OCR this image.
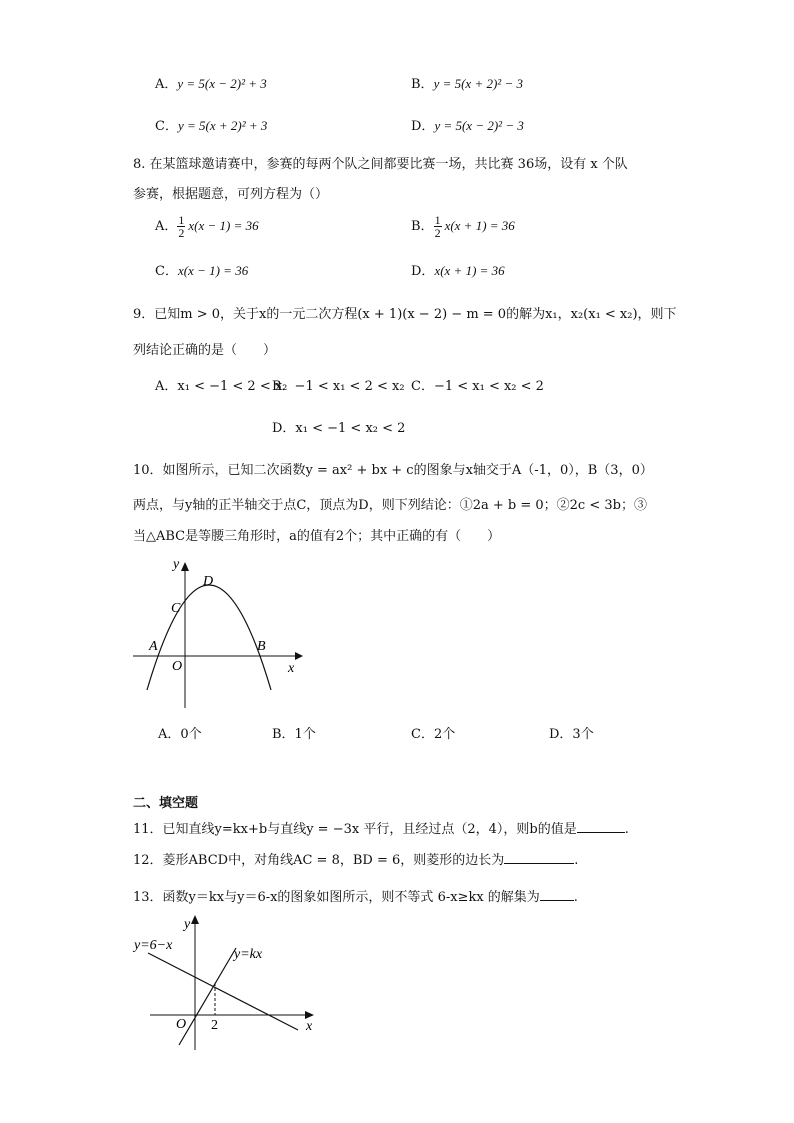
A．y = 5(x − 2)² + 3	B．y = 5(x + 2)² − 3
C．y = 5(x + 2)² + 3	D．y = 5(x − 2)² − 3
8. 在某篮球邀请赛中，参赛的每两个队之间都要比赛一场，共比赛 36场，设有 x 个队
参赛，根据题意，可列方程为（）
A． $\frac{1}{2} x(x - 1) = 36$	B． $\frac{1}{2} x(x + 1) = 36$
C．x(x − 1) = 36	D．x(x + 1) = 36
9．已知m > 0，关于x的一元二次方程(x + 1)(x − 2) − m = 0的解为x₁，x₂(x₁ < x₂)，则下
列结论正确的是（　　）
A．x₁ < −1 < 2 < x₂
B．−1 < x₁ < 2 < x₂ C．−1 < x₁ < x₂ < 2
D．x₁ < −1 < x₂ < 2
10．如图所示，已知二次函数y = ax² + bx + c的图象与x轴交于A（-1，0），B（3，0）
两点，与y轴的正半轴交于点C，顶点为D，则下列结论：①2a + b = 0；②2c < 3b；③
当△ABC是等腰三角形时，a的值有2个；其中正确的有（　　）
y
x
O
A	B
C
D
A．0个	B．1个	C．2个	D．3个
二、填空题
11．已知直线y=kx+b与直线y = −3x 平行，且经过点（2，4），则b的值是	.
12．菱形ABCD中，对角线AC = 8，BD = 6，则菱形的边长为	.
13．函数y＝kx与y＝6-x的图象如图所示，则不等式 6-x≥kx 的解集为	.
y
x
O 2
y=6−x
y=kx
